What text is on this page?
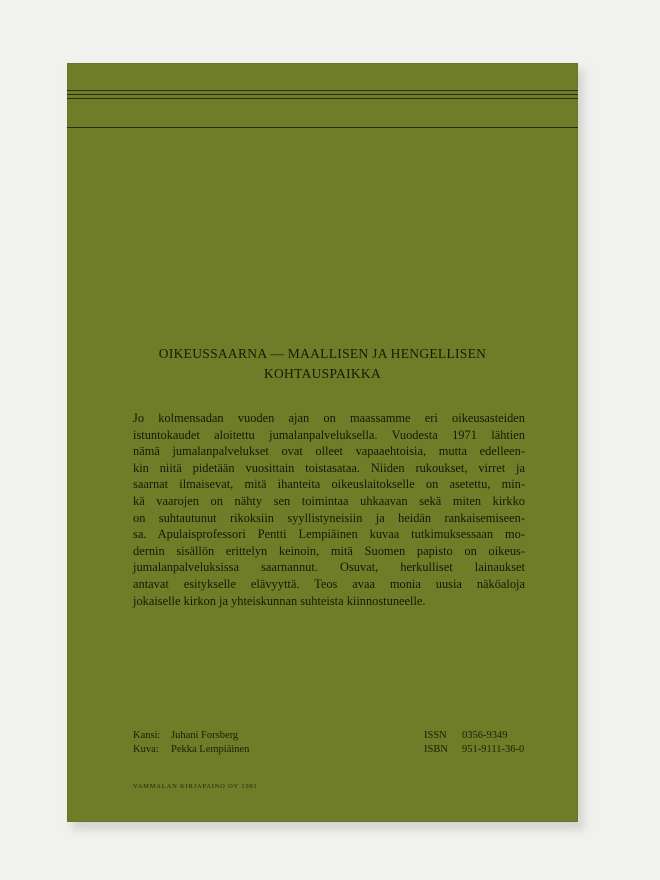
OIKEUSSAARNA — MAALLISEN JA HENGELLISEN
KOHTAUSPAIKKA
Jo kolmensadan vuoden ajan on maassamme eri oikeusasteiden
istuntokaudet aloitettu jumalanpalveluksella. Vuodesta 1971 lähtien
nämä jumalanpalvelukset ovat olleet vapaaehtoisia, mutta edelleen-
kin niitä pidetään vuosittain toistasataa. Niiden rukoukset, virret ja
saarnat ilmaisevat, mitä ihanteita oikeuslaitokselle on asetettu, min-
kä vaarojen on nähty sen toimintaa uhkaavan sekä miten kirkko
on suhtautunut rikoksiin syyllistyneisiin ja heidän rankaisemiseen-
sa. Apulaisprofessori Pentti Lempiäinen kuvaa tutkimuksessaan mo-
dernin sisällön erittelyn keinoin, mitä Suomen papisto on oikeus-
jumalanpalveluksissa saarnannut. Osuvat, herkulliset lainaukset
antavat esitykselle elävyyttä. Teos avaa monia uusia näköaloja
jokaiselle kirkon ja yhteiskunnan suhteista kiinnostuneelle.
Kansi: Juhani Forsberg
Kuva: Pekka Lempiäinen
ISSN 0356-9349
ISBN 951-9111-36-0
VAMMALAN KIRJAPAINO OY 1981
